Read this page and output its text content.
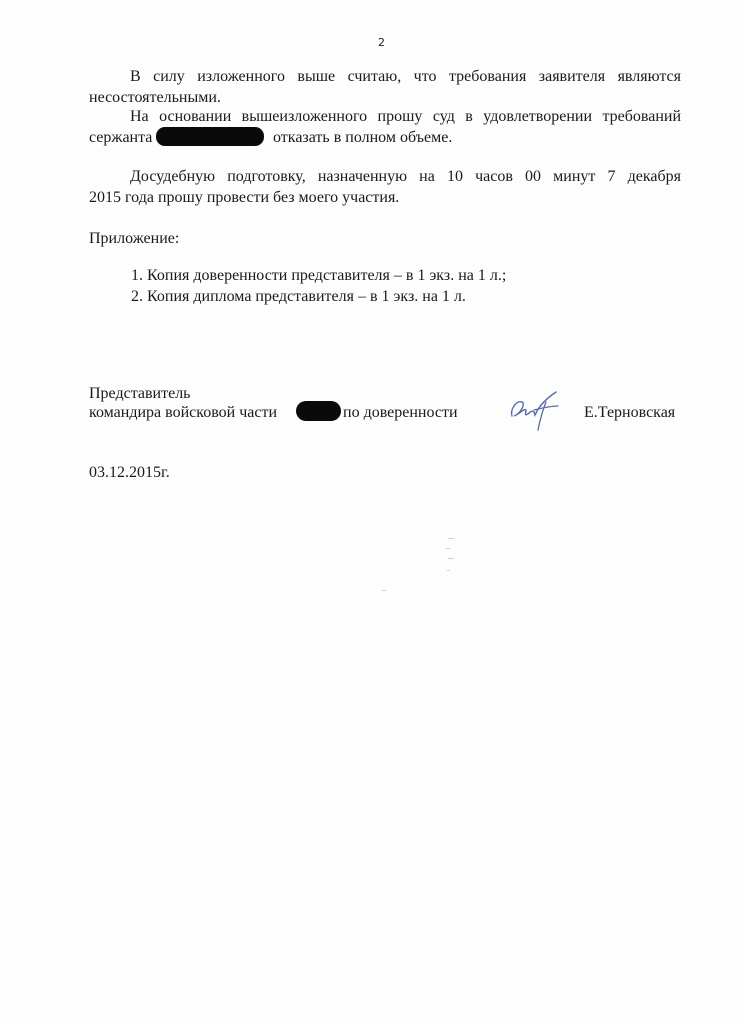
2
В силу изложенного выше считаю, что требования заявителя являются
несостоятельными.
На основании вышеизложенного прошу суд в удовлетворении требований
сержанта	отказать в полном объеме.
Досудебную подготовку, назначенную на 10 часов 00 минут 7 декабря
2015 года прошу провести без моего участия.
Приложение:
1. Копия доверенности представителя – в 1 экз. на 1 л.;
2. Копия диплома представителя – в 1 экз. на 1 л.
Представитель
командира войсковой части	по доверенности	Е.Терновская
03.12.2015г.
